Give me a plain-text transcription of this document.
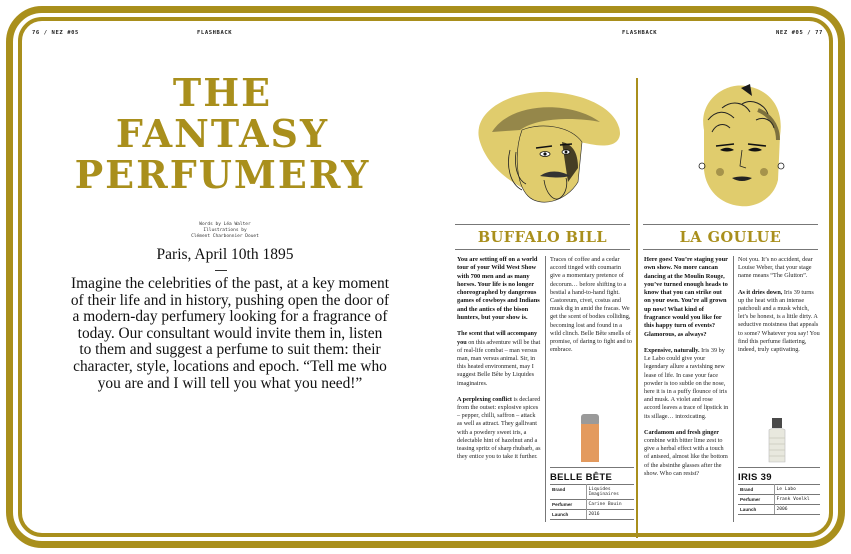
76 / NEZ #05	FLASHBACK	FLASHBACK	NEZ #05 / 77
THE
FANTASY
PERFUMERY
Words by Léa Walter
Illustrations by
Clément Charbonnier Douet
Paris, April 10th 1895
Imagine the celebrities of the past, at a key moment of their life and in history, pushing open the door of a modern-day perfumery looking for a fragrance of today. Our consultant would invite them in, listen to them and suggest a perfume to suit them: their character, style, locations and epoch. “Tell me who you are and I will tell you what you need!”
BUFFALO BILL

You are setting off on a world tour of your Wild West Show with 700 men and as many horses. Your life is no longer choreographed by dangerous games of cowboys and Indians and the antics of the bison hunters, but your show is.

The scent that will accompany you on this adventure will be that of real-life combat – man versus man, man versus animal. Sir, in this heated environment, may I suggest Belle Bête by Liquides imaginaires.

A perplexing conflict is declared from the outset: explosive spices – pepper, chilli, saffron – attack as well as attract. They gallivant with a powdery sweet iris, a delectable hint of hazelnut and a teasing spritz of sharp rhubarb, as they entice you to take it further.

Traces of coffee and a cedar accord tinged with coumarin give a momentary pretence of decorum… before shifting to a bestial a hand-to-hand fight. Castoreum, civet, costus and musk dig in amid the fracas. We get the scent of bodies colliding, becoming lost and found in a wild clinch. Belle Bête smells of promise, of daring to fight and to embrace.

BELLE BÊTE
Brand	Liquides Imaginaires
Perfumer	Carine Bouin
Launch	2016
LA GOULUE

Here goes! You’re staging your own show. No more cancan dancing at the Moulin Rouge, you’ve turned enough heads to know that you can strike out on your own. You’re all grown up now! What kind of fragrance would you like for this happy turn of events? Glamorous, as always?

Expensive, naturally. Iris 39 by Le Labo could give your legendary allure a ravishing new lease of life. In case your face powder is too subtle on the nose, here it is in a puffy flounce of iris and musk. A violet and rose accord leaves a trace of lipstick in its sillage… intoxicating.

Cardamom and fresh ginger combine with bitter lime zest to give a herbal effect with a touch of aniseed, almost like the bottom of the absinthe glasses after the show. Who can resist?

Not you. It’s no accident, dear Louise Weber, that your stage name means “The Glutton”.

As it dries down, Iris 39 turns up the heat with an intense patchouli and a musk which, let’s be honest, is a little dirty. A seductive moistness that appeals to some? Whatever you say! You find this perfume flattering, indeed, truly captivating.

IRIS 39
Brand	Le Labo
Perfumer	Frank Voelkl
Launch	2006
